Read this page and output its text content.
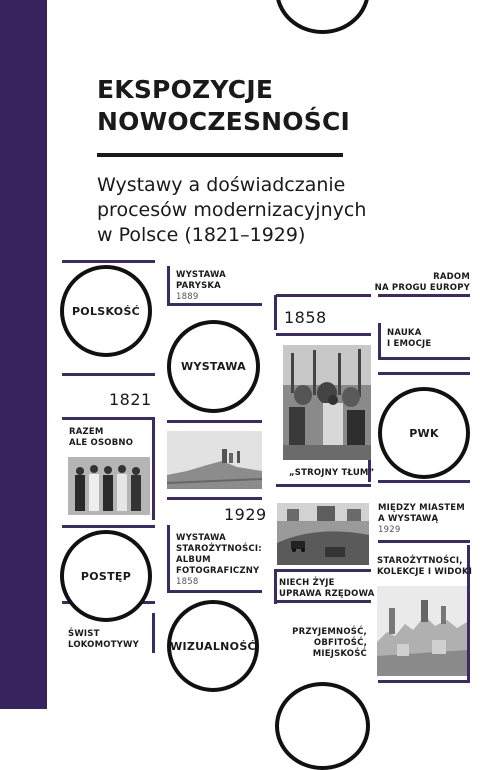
EKSPOZYCJE
NOWOCZESNOŚCI
Wystawy a doświadczanie
procesów modernizacyjnych
w Polsce (1821–1929)
POLSKOŚĆ
WYSTAWA
PWK
POSTĘP
WIZUALNOŚĆ
WYSTAWA
PARYSKA
1889
RADOM
NA PROGU EUROPY
1858
NAUKA
I EMOCJE
1821
RAZEM
ALE OSOBNO
„STROJNY TŁUM”
MIĘDZY MIASTEM
A WYSTAWĄ
1929
1929
WYSTAWA
STAROŻYTNOŚCI:
ALBUM
FOTOGRAFICZNY
1858	NIECH ŻYJE
UPRAWA RZĘDOWA
STAROŻYTNOŚCI,
KOLEKCJE I WIDOKI
ŚWIST
LOKOMOTYWY
PRZYJEMNOŚĆ,
OBFITOŚĆ,
MIEJSKOŚĆ
